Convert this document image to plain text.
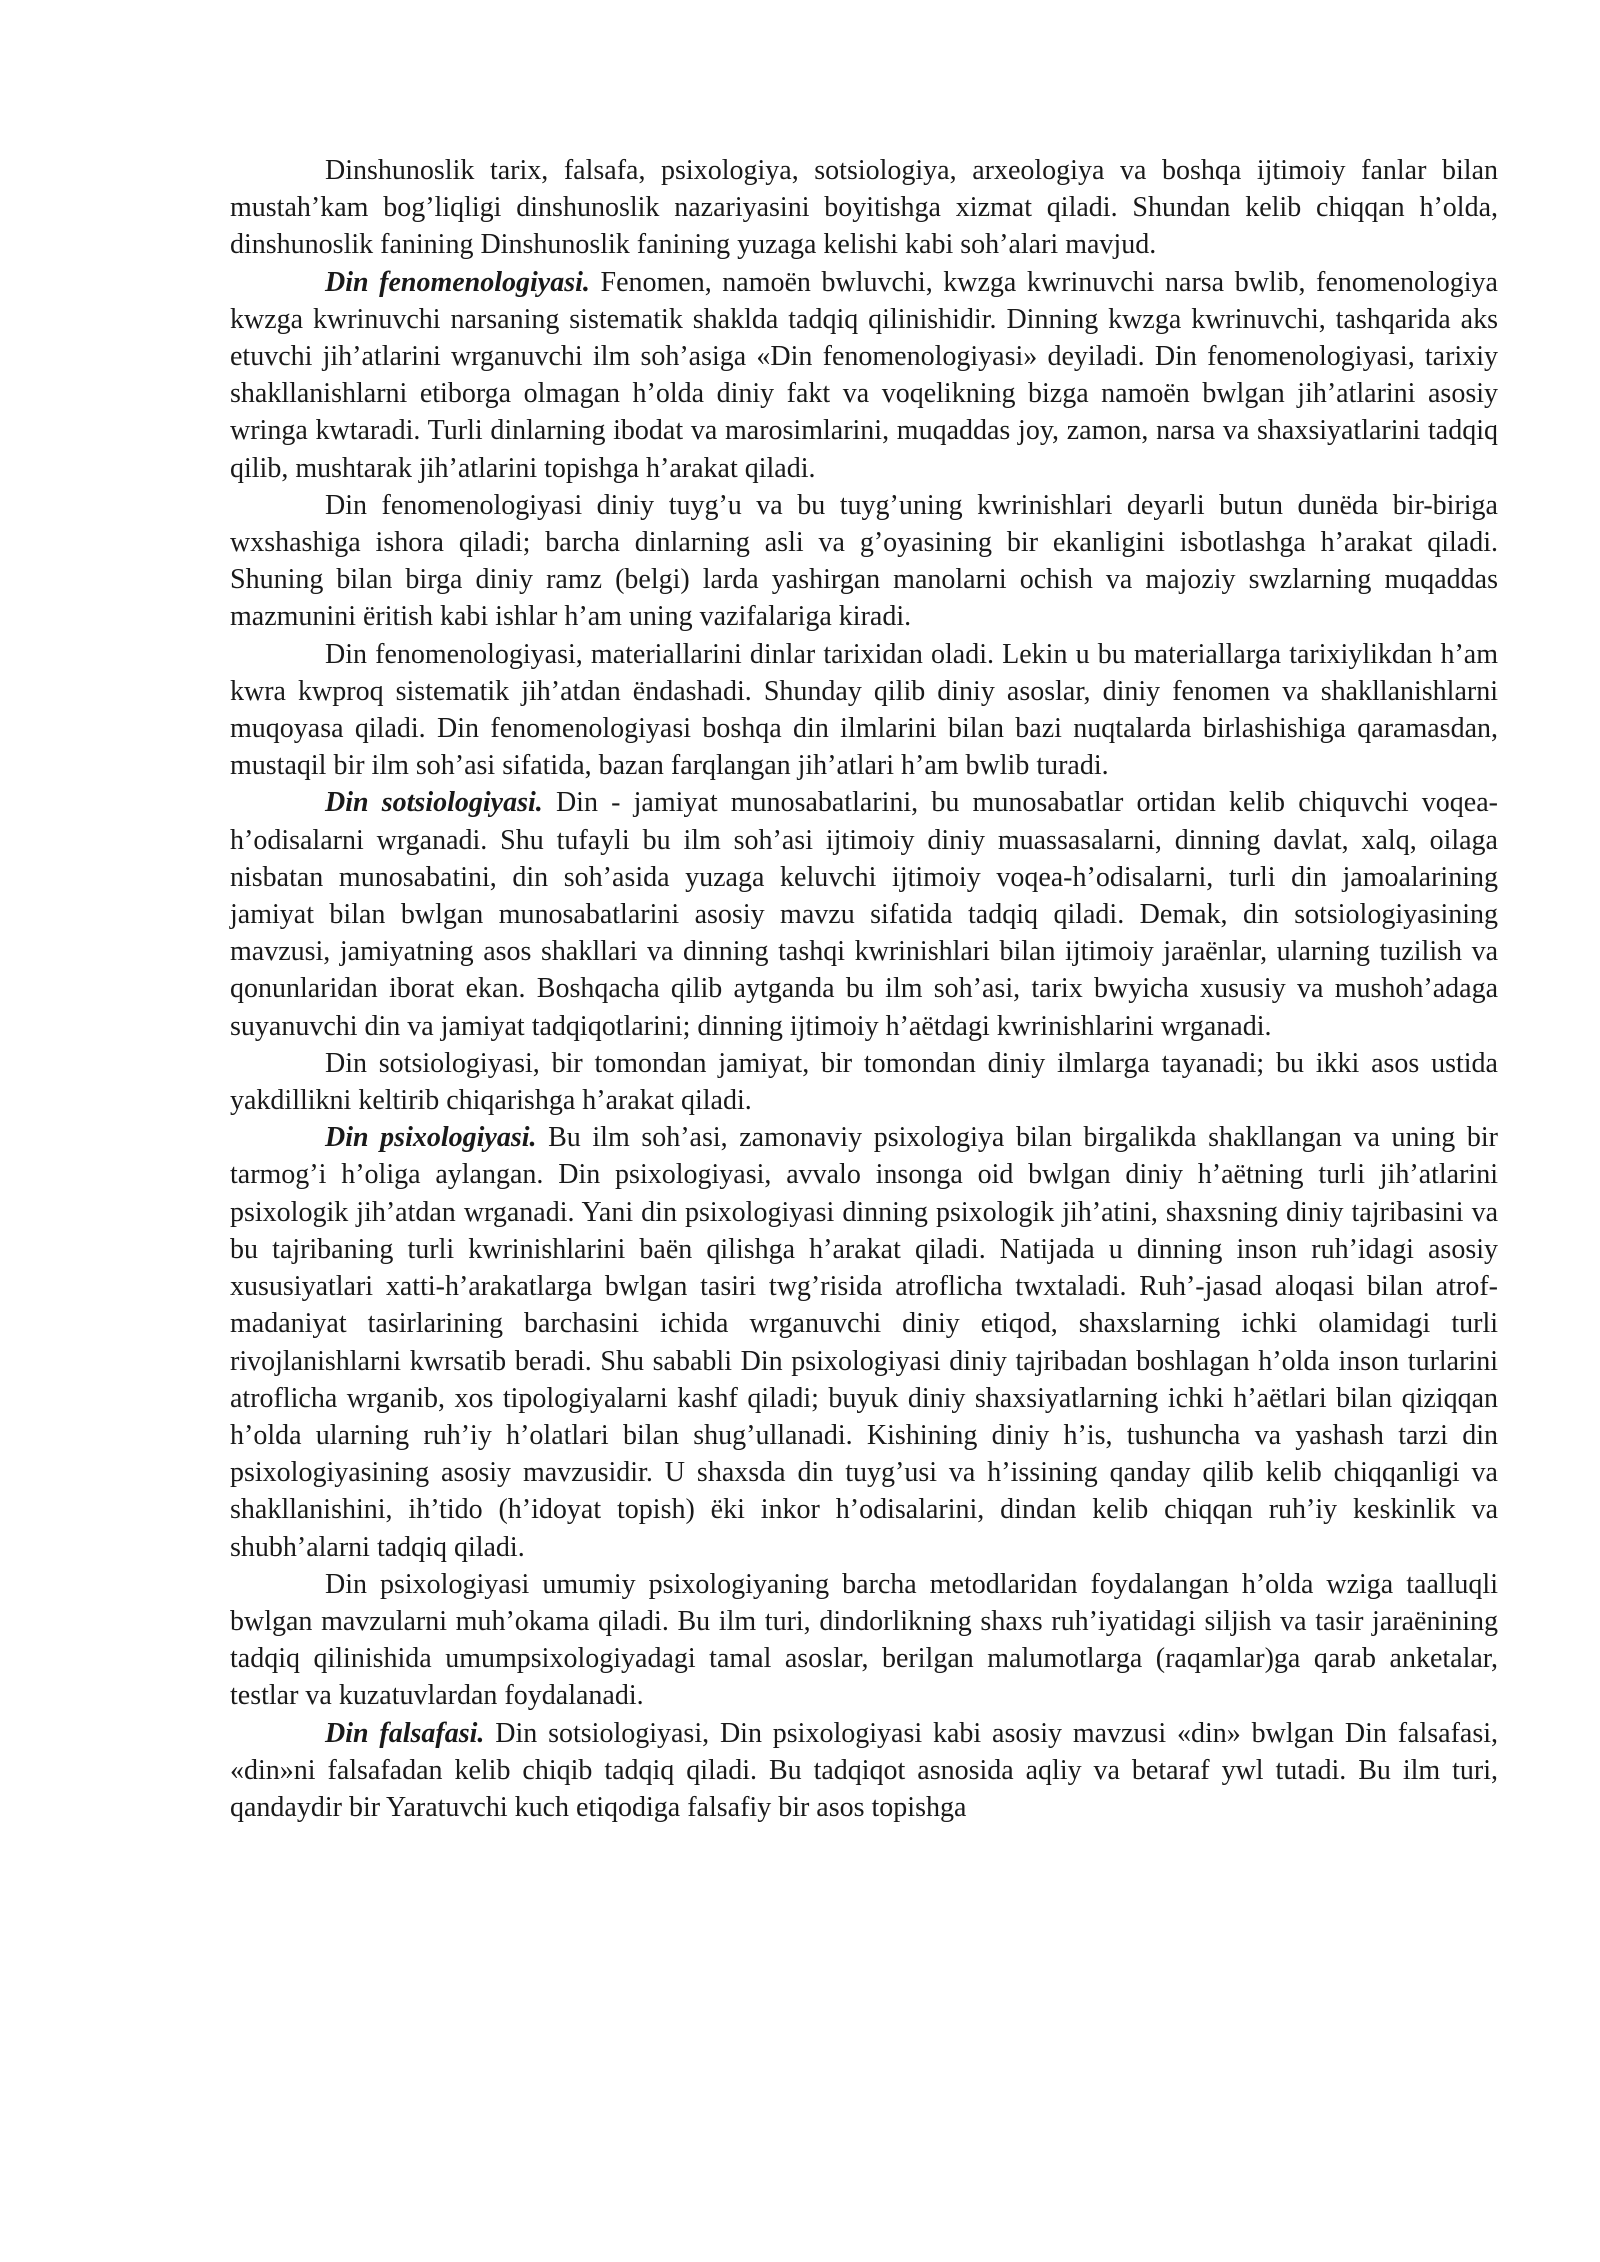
Dinshunoslik tarix, falsafa, psixologiya, sotsiologiya, arxeologiya va boshqa ijtimoiy fanlar bilan mustah’kam bog’liqligi dinshunoslik nazariyasini boyitishga xizmat qiladi. Shundan kelib chiqqan h’olda, dinshunoslik fanining Dinshunoslik fanining yuzaga kelishi kabi soh’alari mavjud.

Din fenomenologiyasi. Fenomen, namoёn bwluvchi, kwzga kwrinuvchi narsa bwlib, fenomenologiya kwzga kwrinuvchi narsaning sistematik shaklda tadqiq qilinishidir. Dinning kwzga kwrinuvchi, tashqarida aks etuvchi jih’atlarini wrganuvchi ilm soh’asiga «Din fenomenologiyasi» deyiladi. Din fenomenologiyasi, tarixiy shakllanishlarni etiborga olmagan h’olda diniy fakt va voqelikning bizga namoёn bwlgan jih’atlarini asosiy wringa kwtaradi. Turli dinlarning ibodat va marosimlarini, muqaddas joy, zamon, narsa va shaxsiyatlarini tadqiq qilib, mushtarak jih’atlarini topishga h’arakat qiladi.

Din fenomenologiyasi diniy tuyg’u va bu tuyg’uning kwrinishlari deyarli butun dunёda bir-biriga wxshashiga ishora qiladi; barcha dinlarning asli va g’oyasining bir ekanligini isbotlashga h’arakat qiladi. Shuning bilan birga diniy ramz (belgi) larda yashirgan manolarni ochish va majoziy swzlarning muqaddas mazmunini ёritish kabi ishlar h’am uning vazifalariga kiradi.

Din fenomenologiyasi, materiallarini dinlar tarixidan oladi. Lekin u bu materiallarga tarixiylikdan h’am kwra kwproq sistematik jih’atdan ёndashadi. Shunday qilib diniy asoslar, diniy fenomen va shakllanishlarni muqoyasa qiladi. Din fenomenologiyasi boshqa din ilmlarini bilan bazi nuqtalarda birlashishiga qaramasdan, mustaqil bir ilm soh’asi sifatida, bazan farqlangan jih’atlari h’am bwlib turadi.

Din sotsiologiyasi. Din - jamiyat munosabatlarini, bu munosabatlar ortidan kelib chiquvchi voqea-h’odisalarni wrganadi. Shu tufayli bu ilm soh’asi ijtimoiy diniy muassasalarni, dinning davlat, xalq, oilaga nisbatan munosabatini, din soh’asida yuzaga keluvchi ijtimoiy voqea-h’odisalarni, turli din jamoalarining jamiyat bilan bwlgan munosabatlarini asosiy mavzu sifatida tadqiq qiladi. Demak, din sotsiologiyasining mavzusi, jamiyatning asos shakllari va dinning tashqi kwrinishlari bilan ijtimoiy jaraёnlar, ularning tuzilish va qonunlaridan iborat ekan. Boshqacha qilib aytganda bu ilm soh’asi, tarix bwyicha xususiy va mushoh’adaga suyanuvchi din va jamiyat tadqiqotlarini; dinning ijtimoiy h’aёtdagi kwrinishlarini wrganadi.

Din sotsiologiyasi, bir tomondan jamiyat, bir tomondan diniy ilmlarga tayanadi; bu ikki asos ustida yakdillikni keltirib chiqarishga h’arakat qiladi.

Din psixologiyasi. Bu ilm soh’asi, zamonaviy psixologiya bilan birgalikda shakllangan va uning bir tarmog’i h’oliga aylangan. Din psixologiyasi, avvalo insonga oid bwlgan diniy h’aёtning turli jih’atlarini psixologik jih’atdan wrganadi. Yani din psixologiyasi dinning psixologik jih’atini, shaxsning diniy tajribasini va bu tajribaning turli kwrinishlarini baёn qilishga h’arakat qiladi. Natijada u dinning inson ruh’idagi asosiy xususiyatlari xatti-h’arakatlarga bwlgan tasiri twg’risida atroflicha twxtaladi. Ruh’-jasad aloqasi bilan atrof-madaniyat tasirlarining barchasini ichida wrganuvchi diniy etiqod, shaxslarning ichki olamidagi turli rivojlanishlarni kwrsatib beradi. Shu sababli Din psixologiyasi diniy tajribadan boshlagan h’olda inson turlarini atroflicha wrganib, xos tipologiyalarni kashf qiladi; buyuk diniy shaxsiyatlarning ichki h’aёtlari bilan qiziqqan h’olda ularning ruh’iy h’olatlari bilan shug’ullanadi. Kishining diniy h’is, tushuncha va yashash tarzi din psixologiyasining asosiy mavzusidir. U shaxsda din tuyg’usi va h’issining qanday qilib kelib chiqqanligi va shakllanishini, ih’tido (h’idoyat topish) ёki inkor h’odisalarini, dindan kelib chiqqan ruh’iy keskinlik va shubh’alarni tadqiq qiladi.

Din psixologiyasi umumiy psixologiyaning barcha metodlaridan foydalangan h’olda wziga taalluqli bwlgan mavzularni muh’okama qiladi. Bu ilm turi, dindorlikning shaxs ruh’iyatidagi siljish va tasir jaraёnining tadqiq qilinishida umumpsixologiyadagi tamal asoslar, berilgan malumotlarga (raqamlar)ga qarab anketalar, testlar va kuzatuvlardan foydalanadi.

Din falsafasi. Din sotsiologiyasi, Din psixologiyasi kabi asosiy mavzusi «din» bwlgan Din falsafasi, «din»ni falsafadan kelib chiqib tadqiq qiladi. Bu tadqiqot asnosida aqliy va betaraf ywl tutadi. Bu ilm turi, qandaydir bir Yaratuvchi kuch etiqodiga falsafiy bir asos topishga
